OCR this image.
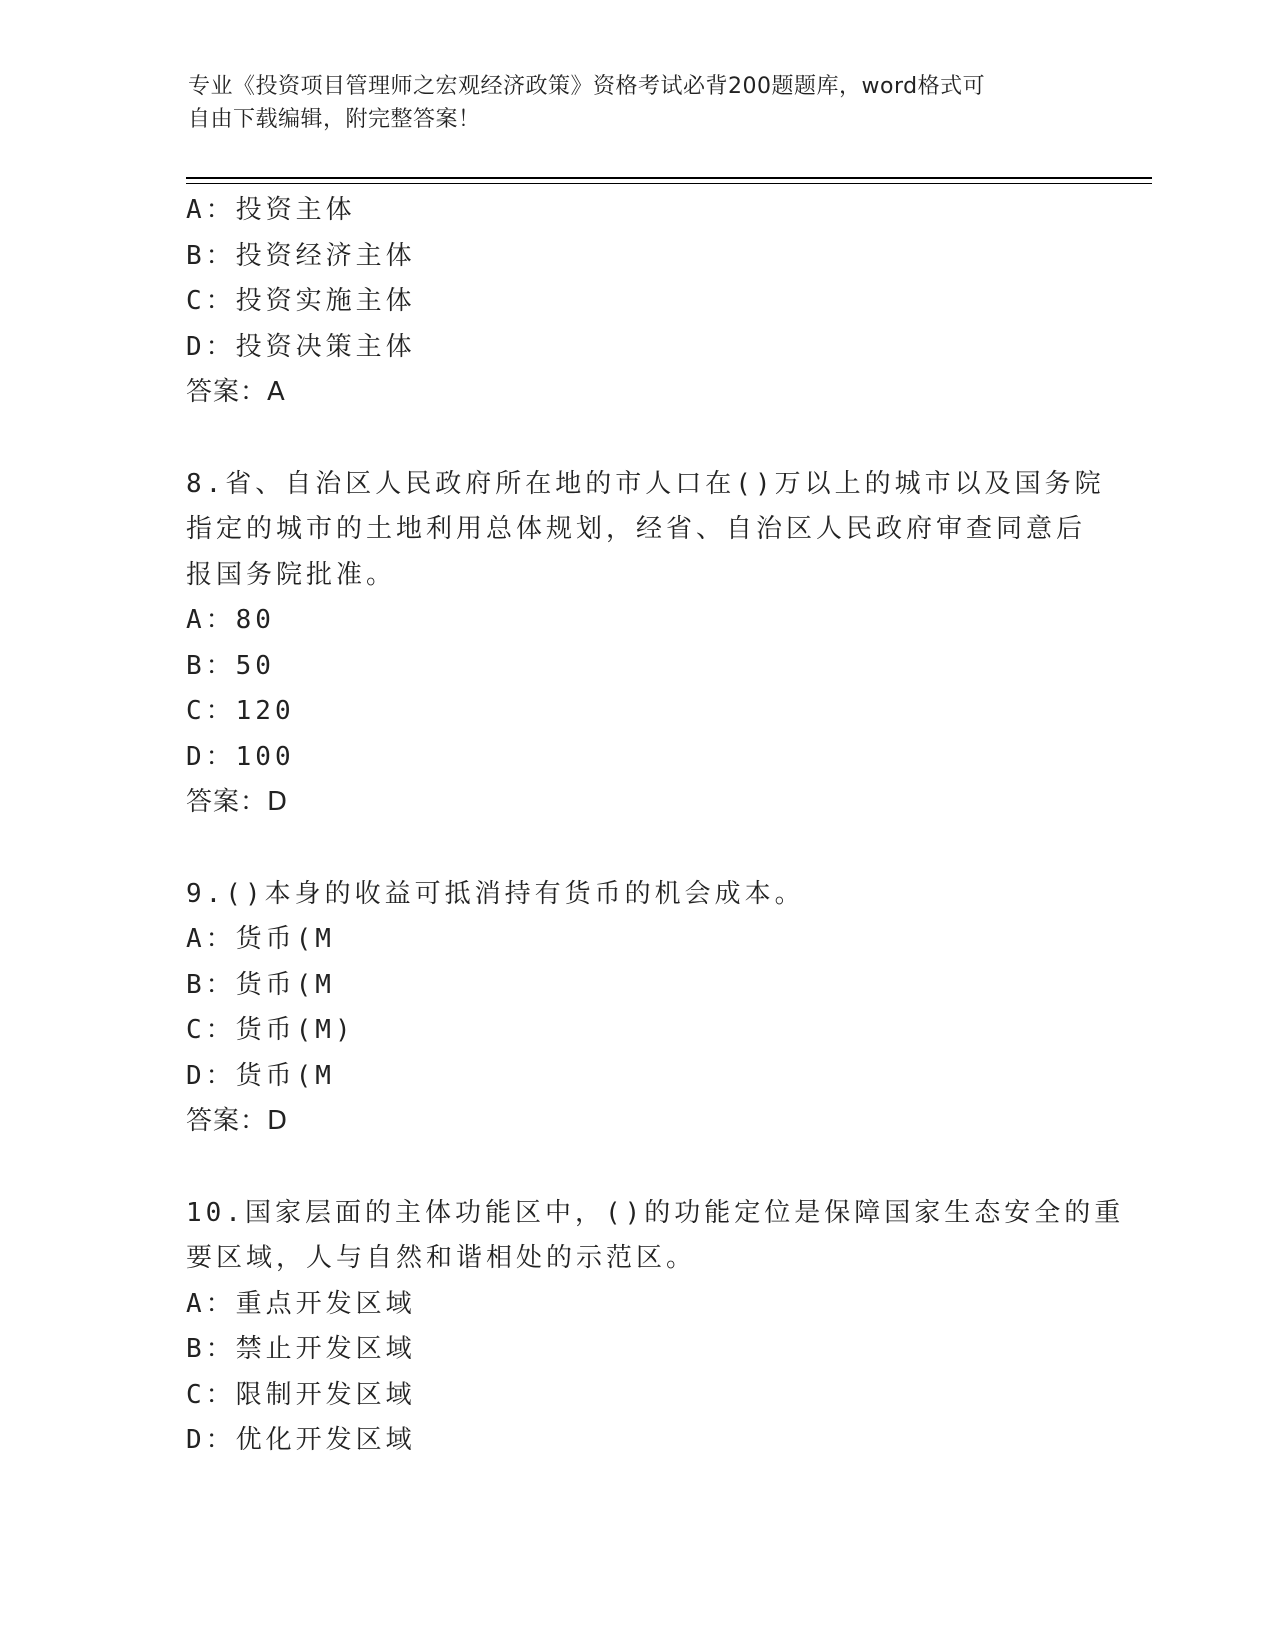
专业《投资项目管理师之宏观经济政策》资格考试必背200题题库，word格式可
自由下载编辑，附完整答案！
A：投资主体
B：投资经济主体
C：投资实施主体
D：投资决策主体
答案：A
8.省、自治区人民政府所在地的市人口在()万以上的城市以及国务院
指定的城市的土地利用总体规划，经省、自治区人民政府审查同意后
报国务院批准。
A：80
B：50
C：120
D：100
答案：D
9.()本身的收益可抵消持有货币的机会成本。
A：货币(M
B：货币(M
C：货币(M)
D：货币(M
答案：D
10.国家层面的主体功能区中，()的功能定位是保障国家生态安全的重
要区域，人与自然和谐相处的示范区。
A：重点开发区域
B：禁止开发区域
C：限制开发区域
D：优化开发区域
